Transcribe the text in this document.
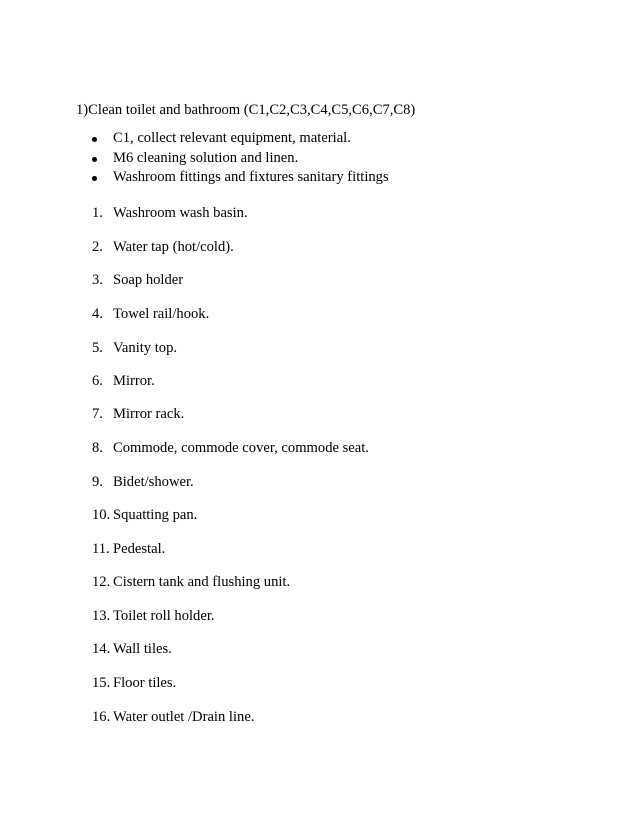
1)Clean toilet and bathroom (C1,C2,C3,C4,C5,C6,C7,C8)
C1, collect relevant equipment, material.
M6 cleaning solution and linen.
Washroom fittings and fixtures sanitary fittings
1. Washroom wash basin.
2. Water tap (hot/cold).
3. Soap holder
4. Towel rail/hook.
5. Vanity top.
6. Mirror.
7. Mirror rack.
8. Commode, commode cover, commode seat.
9. Bidet/shower.
10. Squatting pan.
11. Pedestal.
12. Cistern tank and flushing unit.
13. Toilet roll holder.
14. Wall tiles.
15. Floor tiles.
16. Water outlet /Drain line.
